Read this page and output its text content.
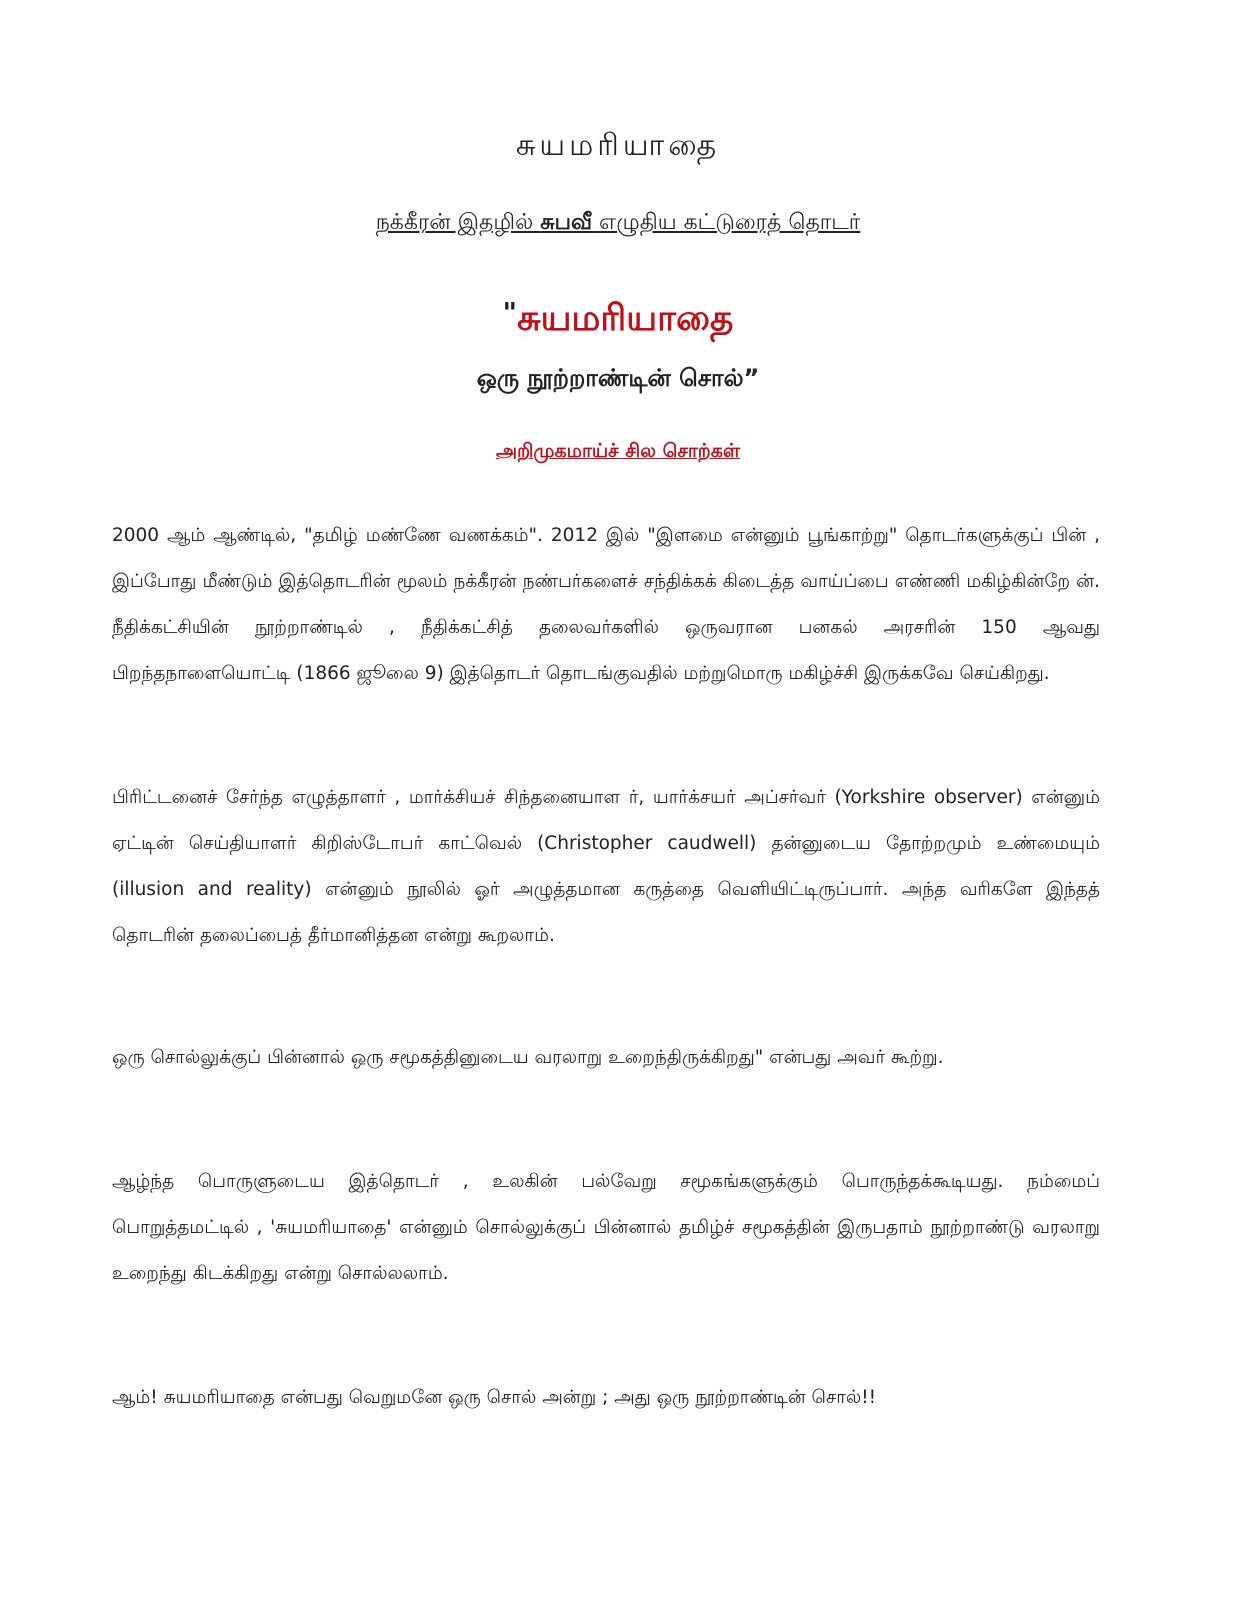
சுயமரியாதை
நக்கீரன் இதழில் சுபவீ எழுதிய கட்டுரைத் தொடர்
"சுயமரியாதை
ஒரு நூற்றாண்டின் சொல்”
அறிமுகமாய்ச் சில சொற்கள்

2000 ஆம் ஆண்டில், "தமிழ் மண்ணே வணக்கம்". 2012 இல் "இளமை என்னும் பூங்காற்று" தொடர்களுக்குப் பின் , இப்போது மீண்டும் இத்தொடரின் மூலம் நக்கீரன் நண்பர்களைச் சந்திக்கக் கிடைத்த வாய்ப்பை எண்ணி மகிழ்கின்றே ன். நீதிக்கட்சியின் நூற்றாண்டில் , நீதிக்கட்சித் தலைவர்களில் ஒருவரான பனகல் அரசரின் 150 ஆவது பிறந்தநாளையொட்டி (1866 ஜூலை 9) இத்தொடர் தொடங்குவதில் மற்றுமொரு மகிழ்ச்சி இருக்கவே செய்கிறது.

பிரிட்டனைச் சேர்ந்த எழுத்தாளர் , மார்க்சியச் சிந்தனையாள ர், யார்க்சயர் அப்சர்வர் (Yorkshire observer) என்னும் ஏட்டின் செய்தியாளர் கிறிஸ்டோபர் காட்வெல் (Christopher caudwell) தன்னுடைய தோற்றமும் உண்மையும் (illusion and reality) என்னும் நூலில் ஓர் அழுத்தமான கருத்தை வெளியிட்டிருப்பார். அந்த வரிகளே இந்தத் தொடரின் தலைப்பைத் தீர்மானித்தன என்று கூறலாம்.

ஒரு சொல்லுக்குப் பின்னால் ஒரு சமூகத்தினுடைய வரலாறு உறைந்திருக்கிறது" என்பது அவர் கூற்று.

ஆழ்ந்த பொருளுடைய இத்தொடர் , உலகின் பல்வேறு சமூகங்களுக்கும் பொருந்தக்கூடியது. நம்மைப் பொறுத்தமட்டில் , 'சுயமரியாதை' என்னும் சொல்லுக்குப் பின்னால் தமிழ்ச் சமூகத்தின் இருபதாம் நூற்றாண்டு வரலாறு உறைந்து கிடக்கிறது என்று சொல்லலாம்.

ஆம்! சுயமரியாதை என்பது வெறுமனே ஒரு சொல் அன்று ; அது ஒரு நூற்றாண்டின் சொல்!!
